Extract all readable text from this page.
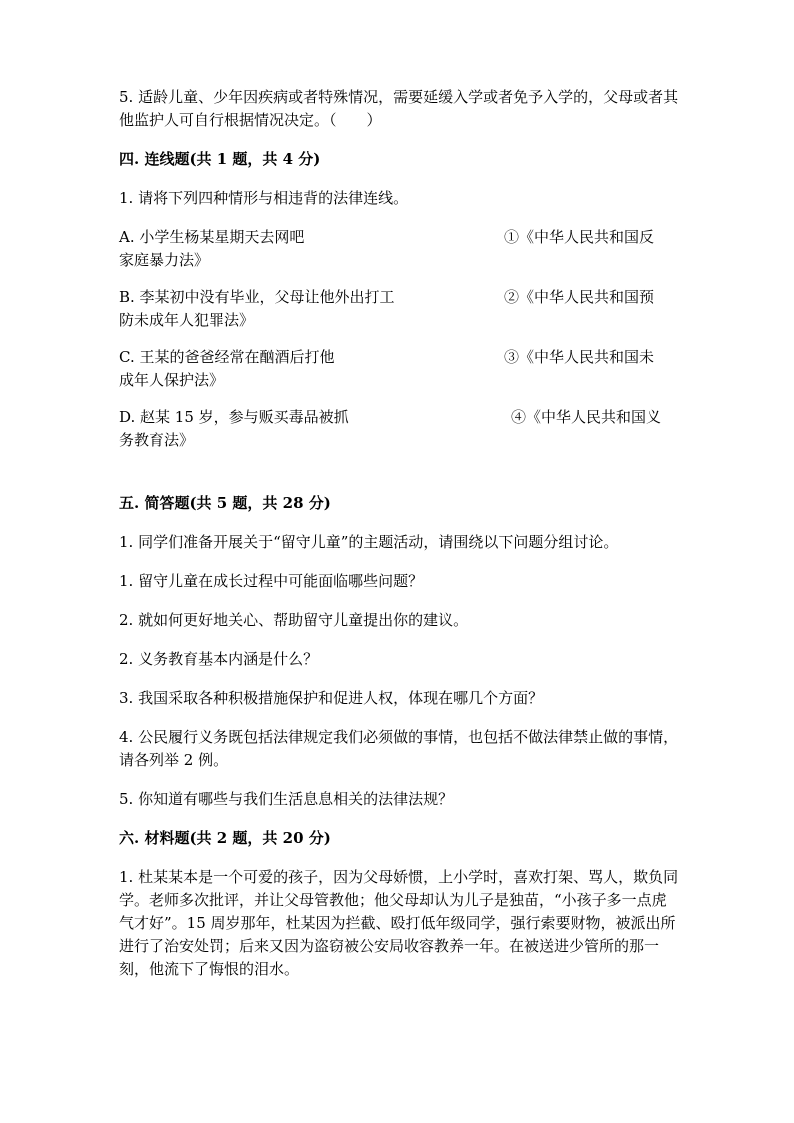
5. 适龄儿童、少年因疾病或者特殊情况，需要延缓入学或者免予入学的，父母或者其他监护人可自行根据情况决定。（　　）

四. 连线题(共 1 题，共 4 分)

1. 请将下列四种情形与相违背的法律连线。

A. 小学生杨某星期天去网吧	①《中华人民共和国反
家庭暴力法》
B. 李某初中没有毕业，父母让他外出打工	②《中华人民共和国预
防未成年人犯罪法》
C. 王某的爸爸经常在酗酒后打他	③《中华人民共和国未
成年人保护法》
D. 赵某 15 岁，参与贩买毒品被抓	④《中华人民共和国义
务教育法》
五. 简答题(共 5 题，共 28 分)

1. 同学们准备开展关于“留守儿童”的主题活动，请围绕以下问题分组讨论。

1. 留守儿童在成长过程中可能面临哪些问题？

2. 就如何更好地关心、帮助留守儿童提出你的建议。

2. 义务教育基本内涵是什么？

3. 我国采取各种积极措施保护和促进人权，体现在哪几个方面？

4. 公民履行义务既包括法律规定我们必须做的事情，也包括不做法律禁止做的事情，请各列举 2 例。

5. 你知道有哪些与我们生活息息相关的法律法规？

六. 材料题(共 2 题，共 20 分)

1. 杜某某本是一个可爱的孩子，因为父母娇惯，上小学时，喜欢打架、骂人，欺负同学。老师多次批评，并让父母管教他；他父母却认为儿子是独苗，“小孩子多一点虎气才好”。15 周岁那年，杜某因为拦截、殴打低年级同学，强行索要财物，被派出所进行了治安处罚；后来又因为盗窃被公安局收容教养一年。在被送进少管所的那一刻，他流下了悔恨的泪水。
